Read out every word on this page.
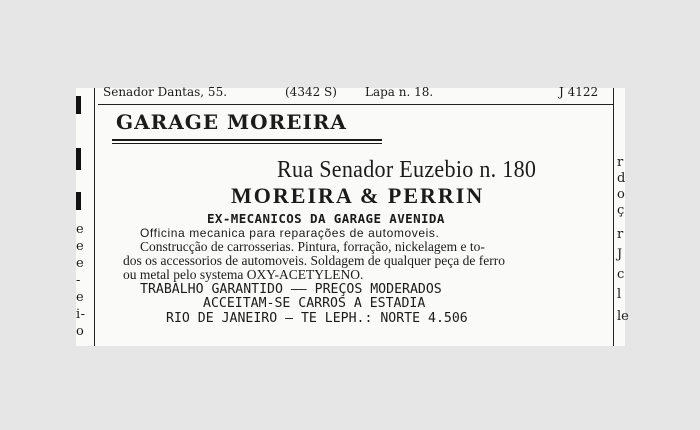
e
e
e
-
e
i-
o
r
d
o
ç
r
J
c
l
le
Senador Dantas, 55.	(4342 S) Lapa n. 18.	J 4122
GARAGE MOREIRA
Rua Senador Euzebio n. 180
MOREIRA & PERRIN
EX-MECANICOS DA GARAGE AVENIDA
Officina mecanica para reparações de automoveis.
Construcção de carrosserias. Pintura, forração, nickelagem e to-
dos os accessorios de automoveis. Soldagem de qualquer peça de ferro
ou metal pelo systema OXY-ACETYLENO.
TRABALHO GARANTIDO —— PREÇOS MODERADOS
ACCEITAM-SE CARROS A ESTADIA
RIO DE JANEIRO — TE LEPH.: NORTE 4.506
